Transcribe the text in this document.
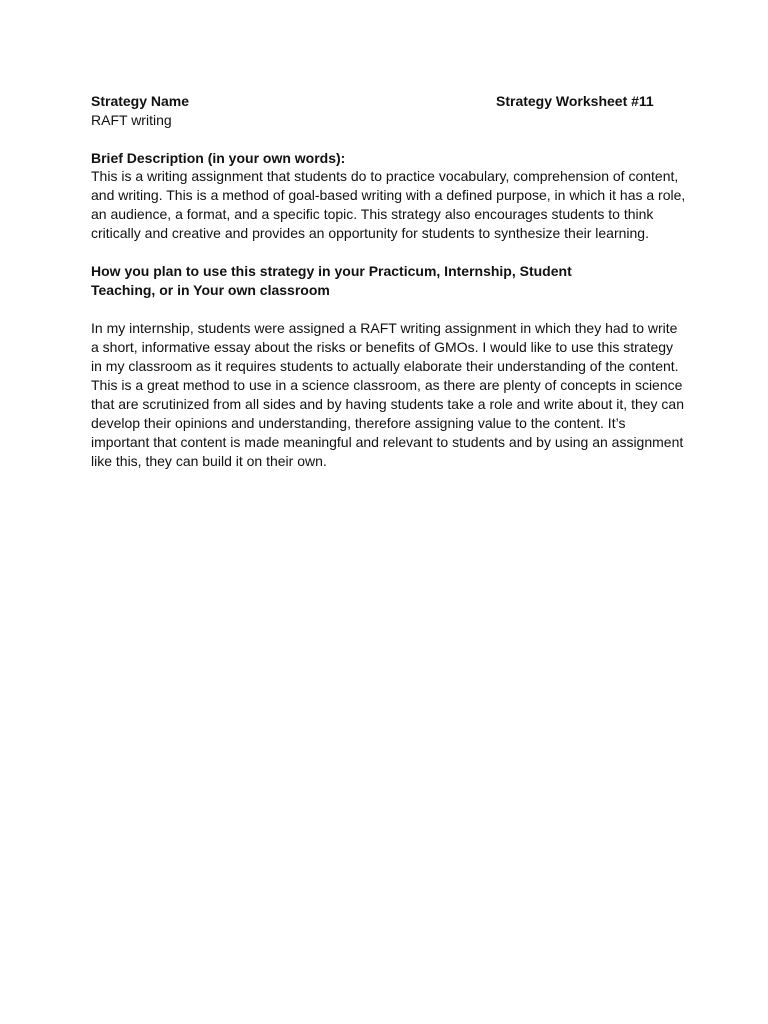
Strategy Name	Strategy Worksheet #11
RAFT writing
Brief Description (in your own words):
This is a writing assignment that students do to practice vocabulary, comprehension of content,
and writing. This is a method of goal-based writing with a defined purpose, in which it has a role,
an audience, a format, and a specific topic. This strategy also encourages students to think
critically and creative and provides an opportunity for students to synthesize their learning.
How you plan to use this strategy in your Practicum, Internship, Student
Teaching, or in Your own classroom
In my internship, students were assigned a RAFT writing assignment in which they had to write
a short, informative essay about the risks or benefits of GMOs. I would like to use this strategy
in my classroom as it requires students to actually elaborate their understanding of the content.
This is a great method to use in a science classroom, as there are plenty of concepts in science
that are scrutinized from all sides and by having students take a role and write about it, they can
develop their opinions and understanding, therefore assigning value to the content. It’s
important that content is made meaningful and relevant to students and by using an assignment
like this, they can build it on their own.
